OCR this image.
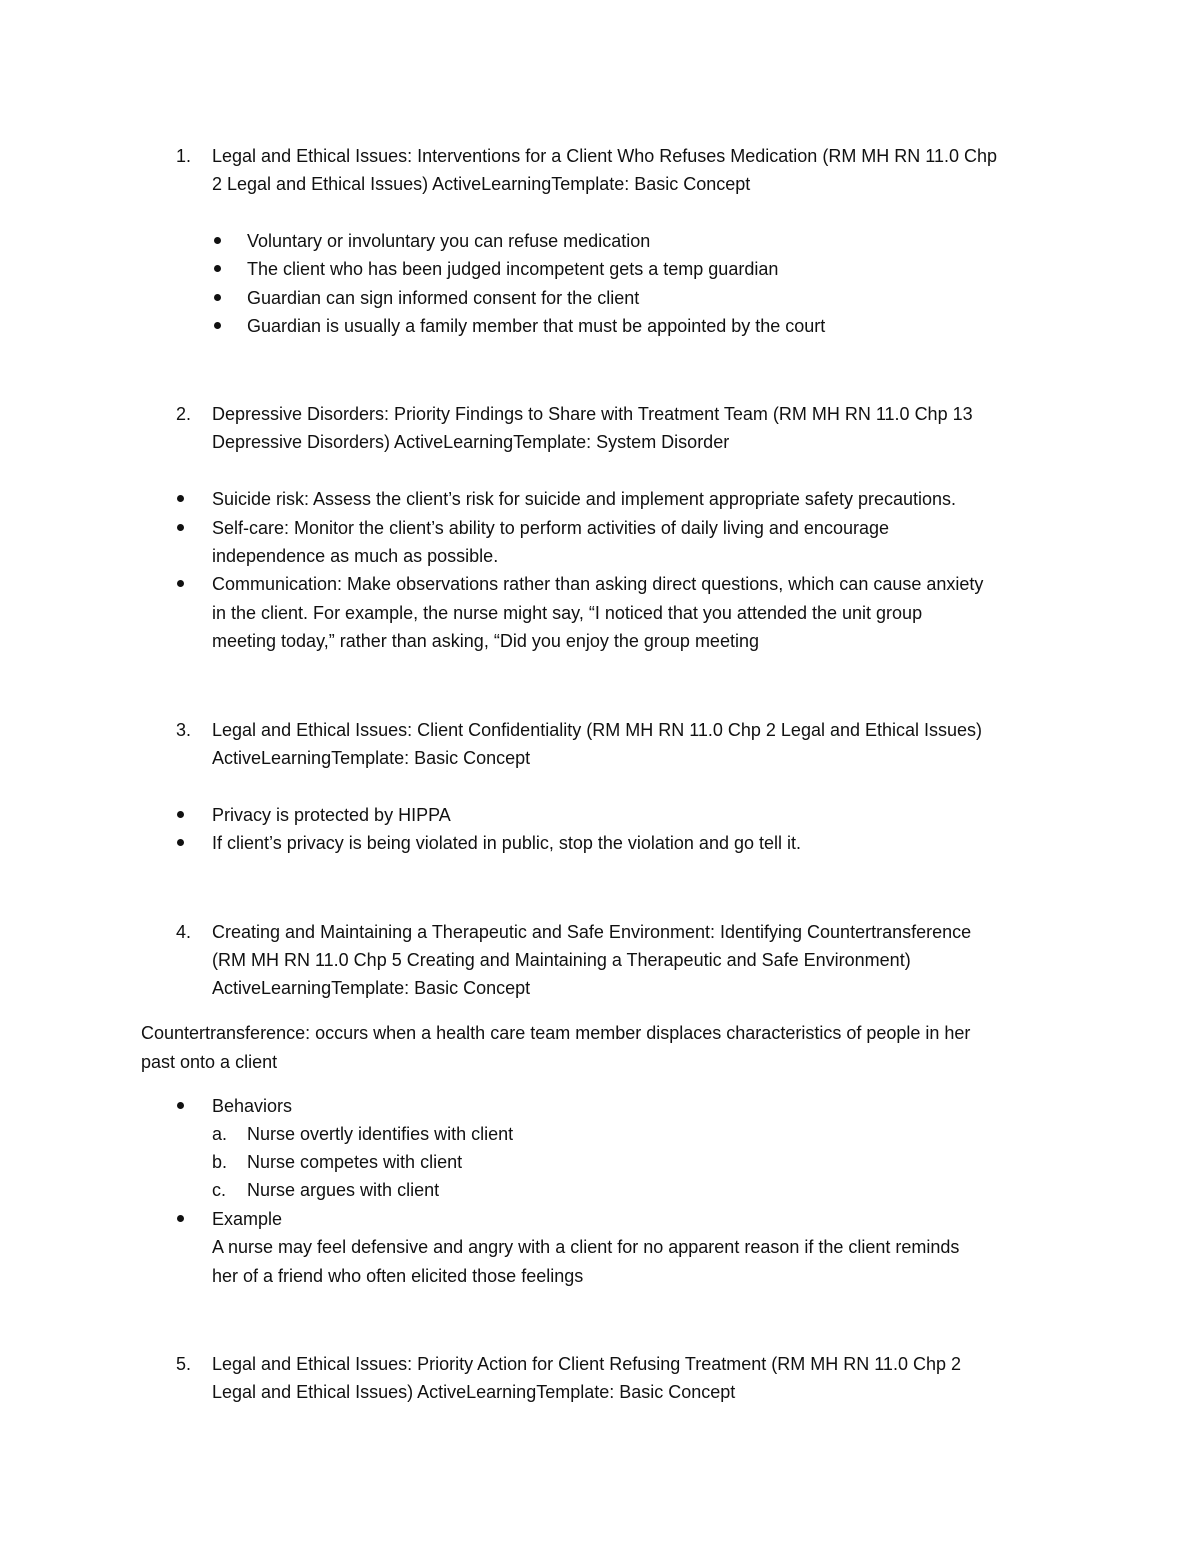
1. Legal and Ethical Issues: Interventions for a Client Who Refuses Medication (RM MH RN 11.0 Chp
2 Legal and Ethical Issues) ActiveLearningTemplate: Basic Concept
Voluntary or involuntary you can refuse medication
The client who has been judged incompetent gets a temp guardian
Guardian can sign informed consent for the client
Guardian is usually a family member that must be appointed by the court
2. Depressive Disorders: Priority Findings to Share with Treatment Team (RM MH RN 11.0 Chp 13
Depressive Disorders) ActiveLearningTemplate: System Disorder
Suicide risk: Assess the client’s risk for suicide and implement appropriate safety precautions.
Self-care: Monitor the client’s ability to perform activities of daily living and encourage
independence as much as possible.
Communication: Make observations rather than asking direct questions, which can cause anxiety
in the client. For example, the nurse might say, “I noticed that you attended the unit group
meeting today,” rather than asking, “Did you enjoy the group meeting
3. Legal and Ethical Issues: Client Confidentiality (RM MH RN 11.0 Chp 2 Legal and Ethical Issues)
ActiveLearningTemplate: Basic Concept
Privacy is protected by HIPPA
If client’s privacy is being violated in public, stop the violation and go tell it.
4. Creating and Maintaining a Therapeutic and Safe Environment: Identifying Countertransference
(RM MH RN 11.0 Chp 5 Creating and Maintaining a Therapeutic and Safe Environment)
ActiveLearningTemplate: Basic Concept
Countertransference: occurs when a health care team member displaces characteristics of people in her
past onto a client
Behaviors
a. Nurse overtly identifies with client
b. Nurse competes with client
c. Nurse argues with client
Example
A nurse may feel defensive and angry with a client for no apparent reason if the client reminds
her of a friend who often elicited those feelings
5. Legal and Ethical Issues: Priority Action for Client Refusing Treatment (RM MH RN 11.0 Chp 2
Legal and Ethical Issues) ActiveLearningTemplate: Basic Concept
